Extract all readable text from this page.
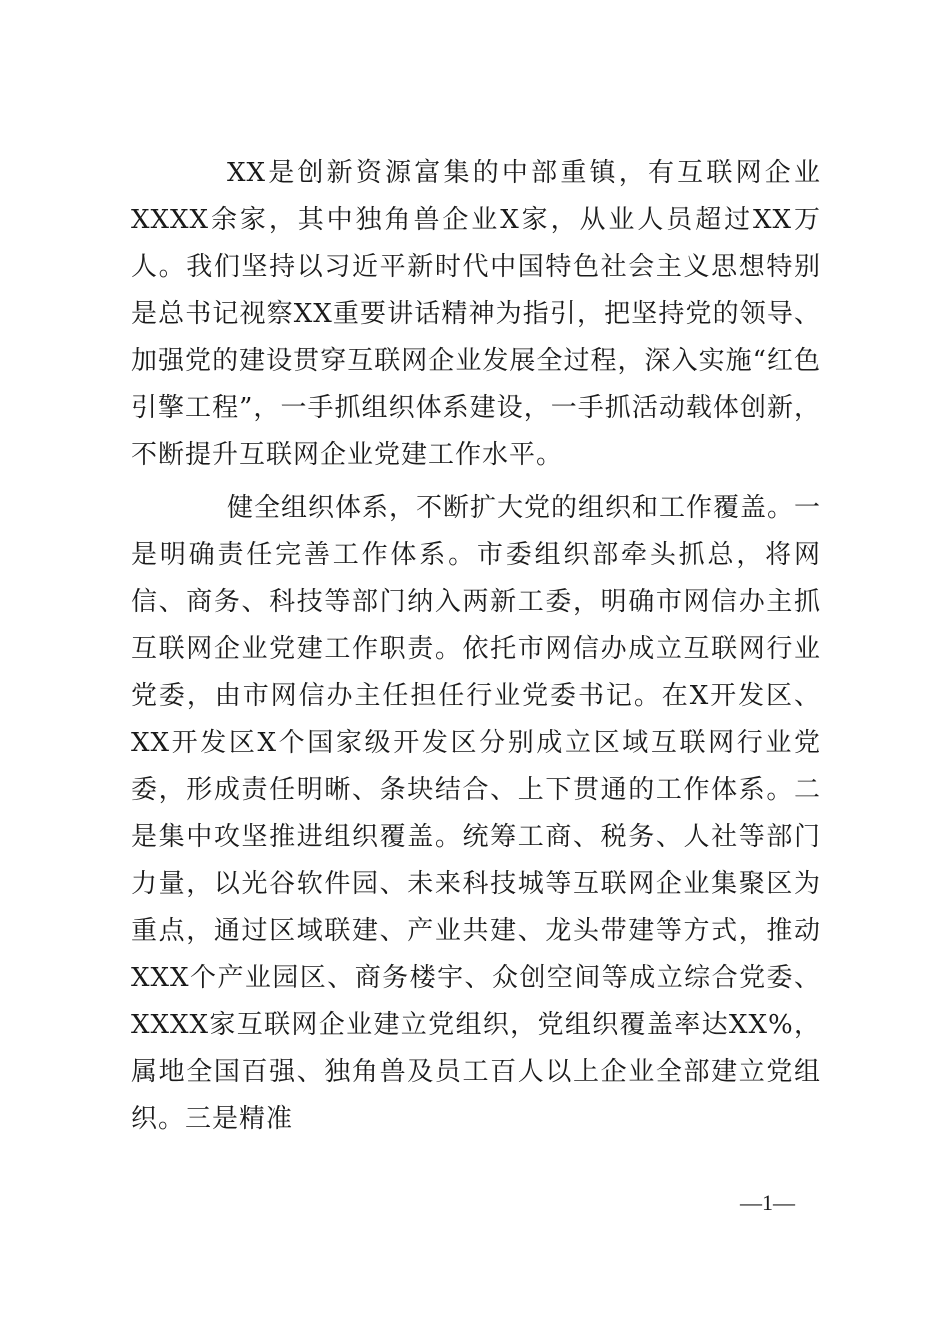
XX是创新资源富集的中部重镇，有互联网企业XXXX余家，其中独角兽企业X家，从业人员超过XX万人。我们坚持以习近平新时代中国特色社会主义思想特别是总书记视察XX重要讲话精神为指引，把坚持党的领导、加强党的建设贯穿互联网企业发展全过程，深入实施“红色引擎工程”，一手抓组织体系建设，一手抓活动载体创新，不断提升互联网企业党建工作水平。

健全组织体系，不断扩大党的组织和工作覆盖。一是明确责任完善工作体系。市委组织部牵头抓总，将网信、商务、科技等部门纳入两新工委，明确市网信办主抓互联网企业党建工作职责。依托市网信办成立互联网行业党委，由市网信办主任担任行业党委书记。在X开发区、XX开发区X个国家级开发区分别成立区域互联网行业党委，形成责任明晰、条块结合、上下贯通的工作体系。二是集中攻坚推进组织覆盖。统筹工商、税务、人社等部门力量，以光谷软件园、未来科技城等互联网企业集聚区为重点，通过区域联建、产业共建、龙头带建等方式，推动XXX个产业园区、商务楼宇、众创空间等成立综合党委、XXXX家互联网企业建立党组织，党组织覆盖率达XX%，属地全国百强、独角兽及员工百人以上企业全部建立党组织。三是精准

—1—
